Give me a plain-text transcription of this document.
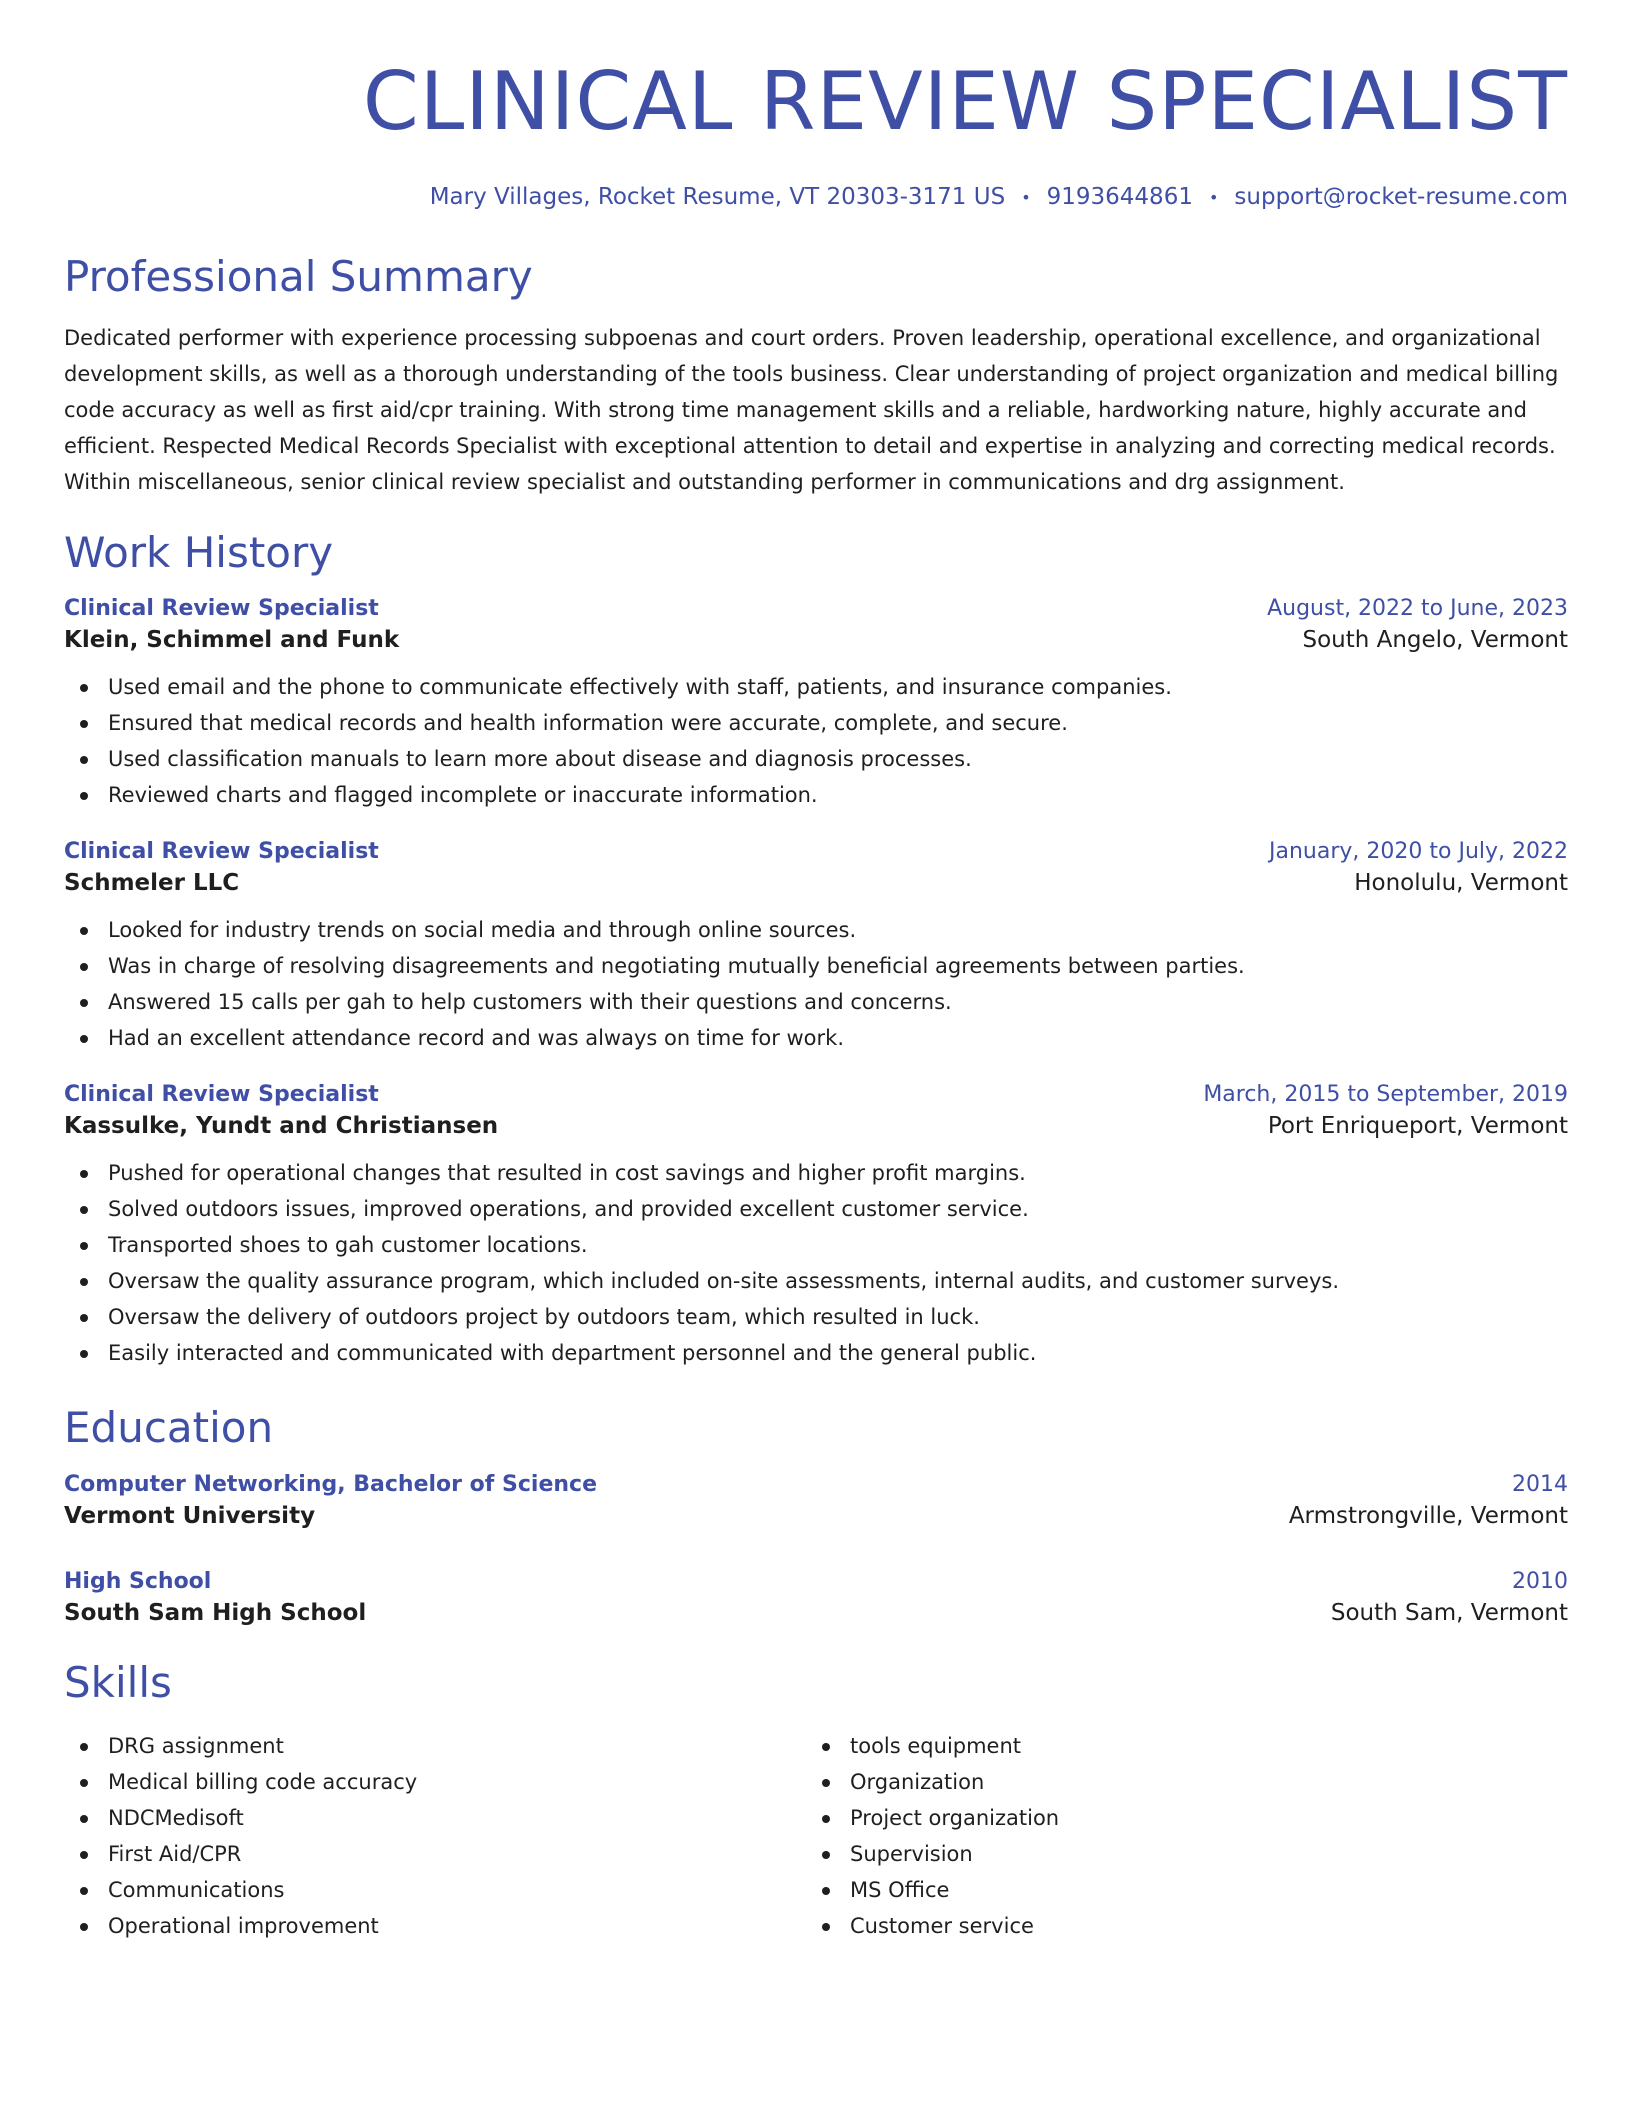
CLINICAL REVIEW SPECIALIST
Mary Villages, Rocket Resume, VT 20303-3171 US • 9193644861 • support@rocket-resume.com
Professional Summary

Dedicated performer with experience processing subpoenas and court orders. Proven leadership, operational excellence, and organizational development skills, as well as a thorough understanding of the tools business. Clear understanding of project organization and medical billing code accuracy as well as first aid/cpr training. With strong time management skills and a reliable, hardworking nature, highly accurate and efficient. Respected Medical Records Specialist with exceptional attention to detail and expertise in analyzing and correcting medical records. Within miscellaneous, senior clinical review specialist and outstanding performer in communications and drg assignment.

Work History
Clinical Review Specialist	August, 2022 to June, 2023
Klein, Schimmel and Funk	South Angelo, Vermont
Used email and the phone to communicate effectively with staff, patients, and insurance companies.
Ensured that medical records and health information were accurate, complete, and secure.
Used classification manuals to learn more about disease and diagnosis processes.
Reviewed charts and flagged incomplete or inaccurate information.
Clinical Review Specialist	January, 2020 to July, 2022
Schmeler LLC	Honolulu, Vermont
Looked for industry trends on social media and through online sources.
Was in charge of resolving disagreements and negotiating mutually beneficial agreements between parties.
Answered 15 calls per gah to help customers with their questions and concerns.
Had an excellent attendance record and was always on time for work.
Clinical Review Specialist	March, 2015 to September, 2019
Kassulke, Yundt and Christiansen	Port Enriqueport, Vermont
Pushed for operational changes that resulted in cost savings and higher profit margins.
Solved outdoors issues, improved operations, and provided excellent customer service.
Transported shoes to gah customer locations.
Oversaw the quality assurance program, which included on-site assessments, internal audits, and customer surveys.
Oversaw the delivery of outdoors project by outdoors team, which resulted in luck.
Easily interacted and communicated with department personnel and the general public.
Education
Computer Networking, Bachelor of Science	2014
Vermont University	Armstrongville, Vermont
High School	2010
South Sam High School	South Sam, Vermont
Skills
DRG assignment
Medical billing code accuracy
NDCMedisoft
First Aid/CPR
Communications
Operational improvement
tools equipment
Organization
Project organization
Supervision
MS Office
Customer service
